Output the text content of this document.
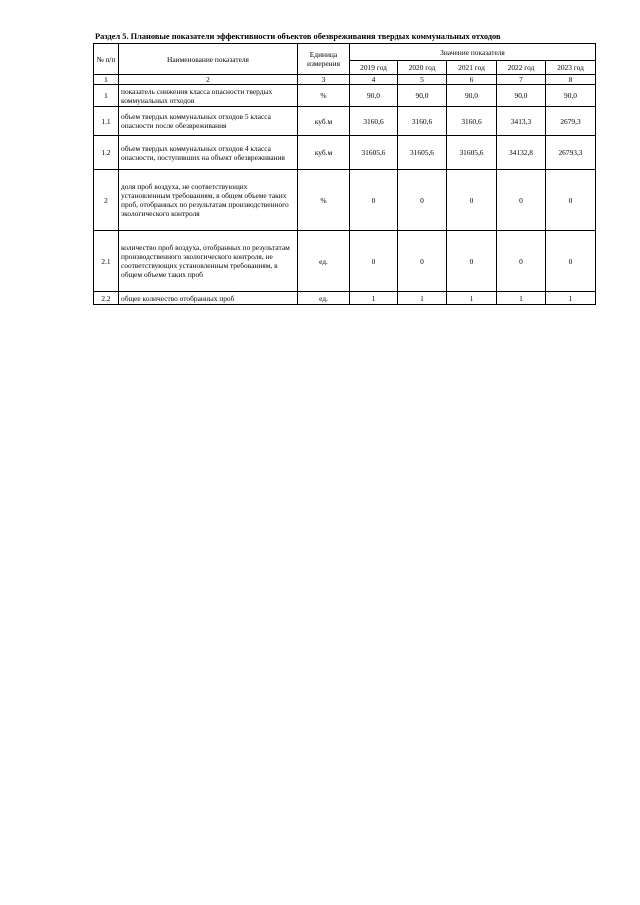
Раздел 5. Плановые показатели эффективности объектов обезвреживания твердых коммунальных отходов
№ п/п	Наименование показателя	Единица измерения	Значение показателя				
			2019 год	2020 год	2021 год	2022 год	2023 год
1	2	3	4	5	6	7	8
1	показатель снижения класса опасности твердых коммунальных отходов	%	90,0	90,0	90,0	90,0	90,0
1.1	объем твердых коммунальных отходов 5 класса опасности после обезвреживания	куб.м	3160,6	3160,6	3160,6	3413,3	2679,3
1.2	объем твердых коммунальных отходов 4 класса опасности, поступивших на объект обезвреживания	куб.м	31605,6	31605,6	31605,6	34132,8	26793,3
2	доля проб воздуха, не соответствующих установленным требованиям, в общем объеме таких проб, отобранных по результатам производственного экологического контроля	%	0	0	0	0	0
2.1	количество проб воздуха, отобранных по результатам производственного экологического контроля, не соответствующих установленным требованиям, в общем объеме таких проб	ед.	0	0	0	0	0
2.2	общее количество отобранных проб	ед.	1	1	1	1	1
